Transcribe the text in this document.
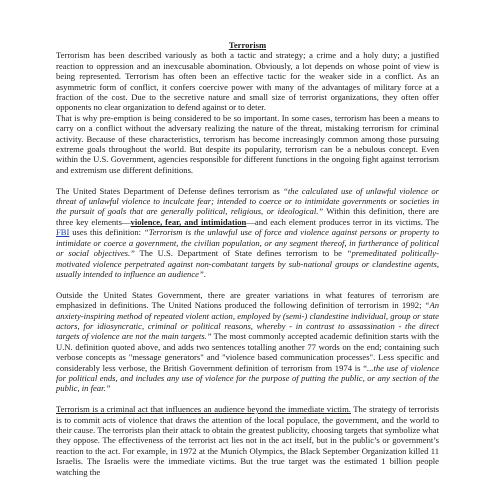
Terrorism

Terrorism has been described variously as both a tactic and strategy; a crime and a holy duty; a justified reaction to oppression and an inexcusable abomination. Obviously, a lot depends on whose point of view is being represented. Terrorism has often been an effective tactic for the weaker side in a conflict. As an asymmetric form of conflict, it confers coercive power with many of the advantages of military force at a fraction of the cost. Due to the secretive nature and small size of terrorist organizations, they often offer opponents no clear organization to defend against or to deter.

That is why pre-emption is being considered to be so important. In some cases, terrorism has been a means to carry on a conflict without the adversary realizing the nature of the threat, mistaking terrorism for criminal activity. Because of these characteristics, terrorism has become increasingly common among those pursuing extreme goals throughout the world. But despite its popularity, terrorism can be a nebulous concept. Even within the U.S. Government, agencies responsible for different functions in the ongoing fight against terrorism and extremism use different definitions.

The United States Department of Defense defines terrorism as “the calculated use of unlawful violence or threat of unlawful violence to inculcate fear; intended to coerce or to intimidate governments or societies in the pursuit of goals that are generally political, religious, or ideological.” Within this definition, there are three key elements—violence, fear, and intimidation—and each element produces terror in its victims. The FBI uses this definition: “Terrorism is the unlawful use of force and violence against persons or property to intimidate or coerce a government, the civilian population, or any segment thereof, in furtherance of political or social objectives.” The U.S. Department of State defines terrorism to be “premeditated politically-motivated violence perpetrated against non-combatant targets by sub-national groups or clandestine agents, usually intended to influence an audience”.

Outside the United States Government, there are greater variations in what features of terrorism are emphasized in definitions. The United Nations produced the following definition of terrorism in 1992; “An anxiety-inspiring method of repeated violent action, employed by (semi-) clandestine individual, group or state actors, for idiosyncratic, criminal or political reasons, whereby - in contrast to assassination - the direct targets of violence are not the main targets.” The most commonly accepted academic definition starts with the U.N. definition quoted above, and adds two sentences totalling another 77 words on the end; containing such verbose concepts as "message generators" and "violence based communication processes". Less specific and considerably less verbose, the British Government definition of terrorism from 1974 is “...the use of violence for political ends, and includes any use of violence for the purpose of putting the public, or any section of the public, in fear.”

Terrorism is a criminal act that influences an audience beyond the immediate victim. The strategy of terrorists is to commit acts of violence that draws the attention of the local populace, the government, and the world to their cause. The terrorists plan their attack to obtain the greatest publicity, choosing targets that symbolize what they oppose. The effectiveness of the terrorist act lies not in the act itself, but in the public’s or government’s reaction to the act. For example, in 1972 at the Munich Olympics, the Black September Organization killed 11 Israelis. The Israelis were the immediate victims. But the true target was the estimated 1 billion people watching the
